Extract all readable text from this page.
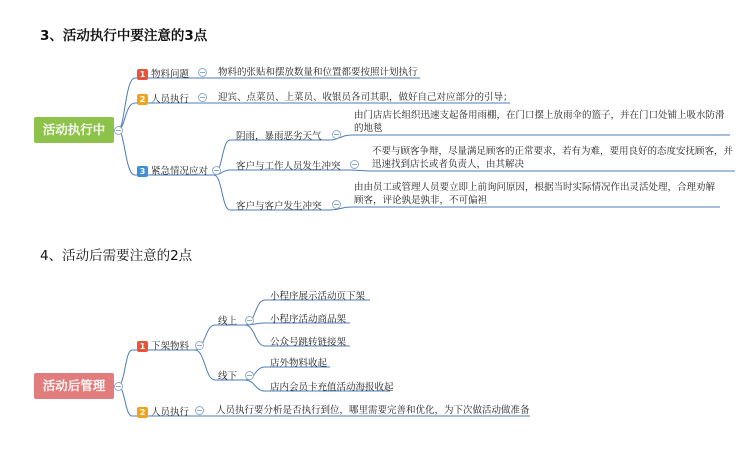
3、活动执行中要注意的3点
活动执行中
1 物料问题	物料的张贴和摆放数量和位置都要按照计划执行
2 人员执行	迎宾、点菜员、上菜员、收银员各司其职，做好自己对应部分的引导；
3 紧急情况应对
阴雨，暴雨恶劣天气
由门店店长组织迅速支起备用雨棚，在门口摆上放雨伞的篮子，并在门口处铺上吸水防滑的地毯
客户与工作人员发生冲突
不要与顾客争辩，尽量满足顾客的正常要求，若有为难，要用良好的态度安抚顾客，并迅速找到店长或者负责人，由其解决
客户与客户发生冲突
由由员工或管理人员要立即上前询问原因，根据当时实际情况作出灵活处理，合理劝解顾客，评论孰是孰非，不可偏袒
4、活动后需要注意的2点
活动后管理
1 下架物料
线上
小程序展示活动页下架
小程序活动商品架
公众号跳转链接架
线下
店外物料收起
店内会员卡充值活动海报收起
2 人员执行	人员执行要分析是否执行到位，哪里需要完善和优化，为下次做活动做准备
